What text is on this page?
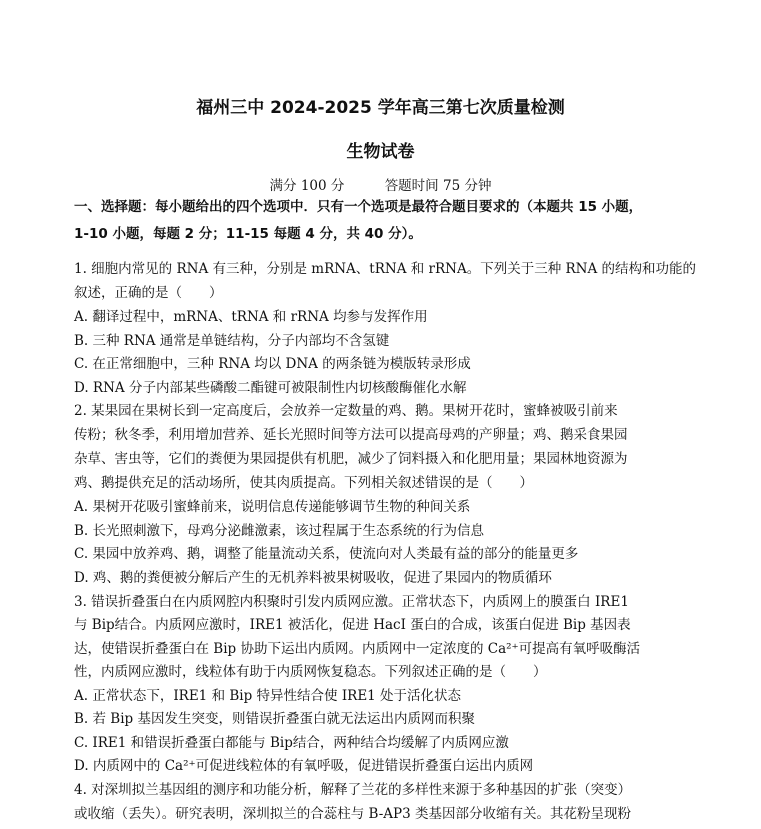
福州三中 2024-2025 学年高三第七次质量检测
生物试卷
满分 100 分	答题时间 75 分钟
一、选择题：每小题给出的四个选项中．只有一个选项是最符合题目要求的（本题共 15 小题，
1-10 小题，每题 2 分；11-15 每题 4 分，共 40 分）。
1. 细胞内常见的 RNA 有三种，分别是 mRNA、tRNA 和 rRNA。下列关于三种 RNA 的结构和功能的
叙述，正确的是（　　）
A. 翻译过程中，mRNA、tRNA 和 rRNA 均参与发挥作用
B. 三种 RNA 通常是单链结构，分子内部均不含氢键
C. 在正常细胞中，三种 RNA 均以 DNA 的两条链为模版转录形成
D. RNA 分子内部某些磷酸二酯键可被限制性内切核酸酶催化水解
2. 某果园在果树长到一定高度后，会放养一定数量的鸡、鹅。果树开花时，蜜蜂被吸引前来
传粉；秋冬季，利用增加营养、延长光照时间等方法可以提高母鸡的产卵量；鸡、鹅采食果园
杂草、害虫等，它们的粪便为果园提供有机肥，减少了饲料摄入和化肥用量；果园林地资源为
鸡、鹅提供充足的活动场所，使其肉质提高。下列相关叙述错误的是（　　）
A. 果树开花吸引蜜蜂前来，说明信息传递能够调节生物的种间关系
B. 长光照刺激下，母鸡分泌雌激素，该过程属于生态系统的行为信息
C. 果园中放养鸡、鹅，调整了能量流动关系，使流向对人类最有益的部分的能量更多
D. 鸡、鹅的粪便被分解后产生的无机养料被果树吸收，促进了果园内的物质循环
3. 错误折叠蛋白在内质网腔内积聚时引发内质网应激。正常状态下，内质网上的膜蛋白 IRE1
与 Bip结合。内质网应激时，IRE1 被活化，促进 HacI 蛋白的合成，该蛋白促进 Bip 基因表
达，使错误折叠蛋白在 Bip 协助下运出内质网。内质网中一定浓度的 Ca²⁺可提高有氧呼吸酶活
性，内质网应激时，线粒体有助于内质网恢复稳态。下列叙述正确的是（　　）
A. 正常状态下，IRE1 和 Bip 特异性结合使 IRE1 处于活化状态
B. 若 Bip 基因发生突变，则错误折叠蛋白就无法运出内质网而积聚
C. IRE1 和错误折叠蛋白都能与 Bip结合，两种结合均缓解了内质网应激
D. 内质网中的 Ca²⁺可促进线粒体的有氧呼吸，促进错误折叠蛋白运出内质网
4. 对深圳拟兰基因组的测序和功能分析，解释了兰花的多样性来源于多种基因的扩张（突变）
或收缩（丢失）。研究表明，深圳拟兰的合蕊柱与 B-AP3 类基因部分收缩有关。其花粉呈现粉
